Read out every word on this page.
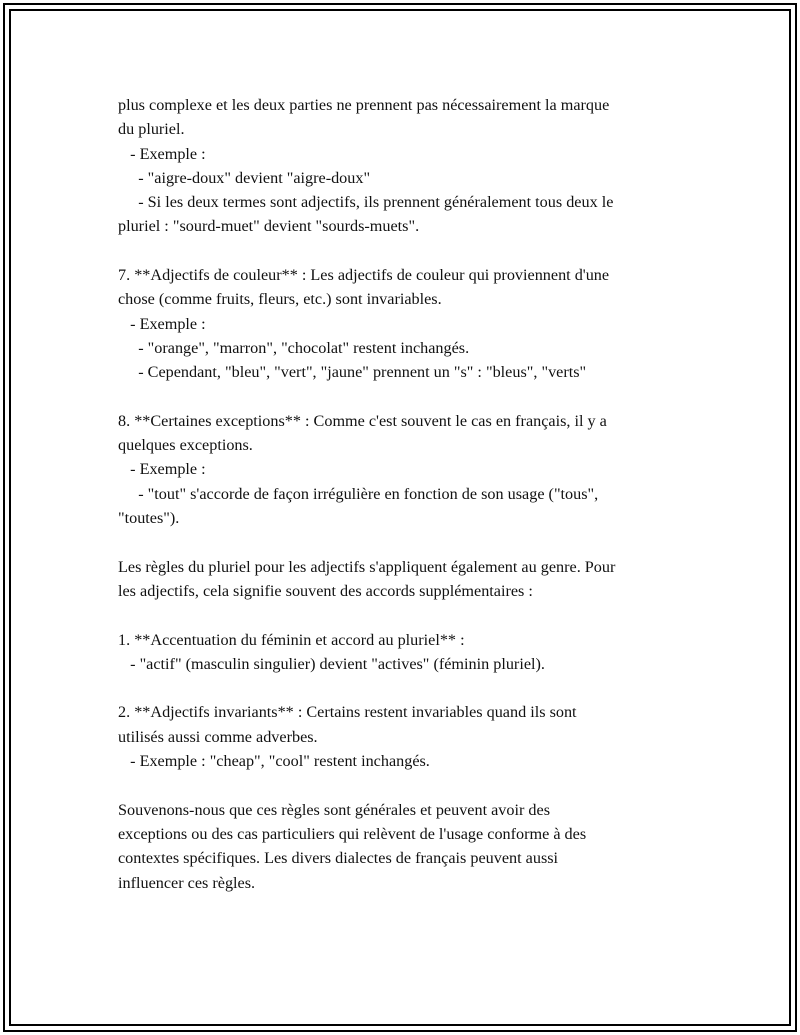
plus complexe et les deux parties ne prennent pas nécessairement la marque

du pluriel.

- Exemple :

- "aigre-doux" devient "aigre-doux"

- Si les deux termes sont adjectifs, ils prennent généralement tous deux le

pluriel : "sourd-muet" devient "sourds-muets".

7. **Adjectifs de couleur** : Les adjectifs de couleur qui proviennent d'une

chose (comme fruits, fleurs, etc.) sont invariables.

- Exemple :

- "orange", "marron", "chocolat" restent inchangés.

- Cependant, "bleu", "vert", "jaune" prennent un "s" : "bleus", "verts"

8. **Certaines exceptions** : Comme c'est souvent le cas en français, il y a

quelques exceptions.

- Exemple :

- "tout" s'accorde de façon irrégulière en fonction de son usage ("tous",

"toutes").

Les règles du pluriel pour les adjectifs s'appliquent également au genre. Pour

les adjectifs, cela signifie souvent des accords supplémentaires :

1. **Accentuation du féminin et accord au pluriel** :

- "actif" (masculin singulier) devient "actives" (féminin pluriel).

2. **Adjectifs invariants** : Certains restent invariables quand ils sont

utilisés aussi comme adverbes.

- Exemple : "cheap", "cool" restent inchangés.

Souvenons-nous que ces règles sont générales et peuvent avoir des

exceptions ou des cas particuliers qui relèvent de l'usage conforme à des

contextes spécifiques. Les divers dialectes de français peuvent aussi

influencer ces règles.
